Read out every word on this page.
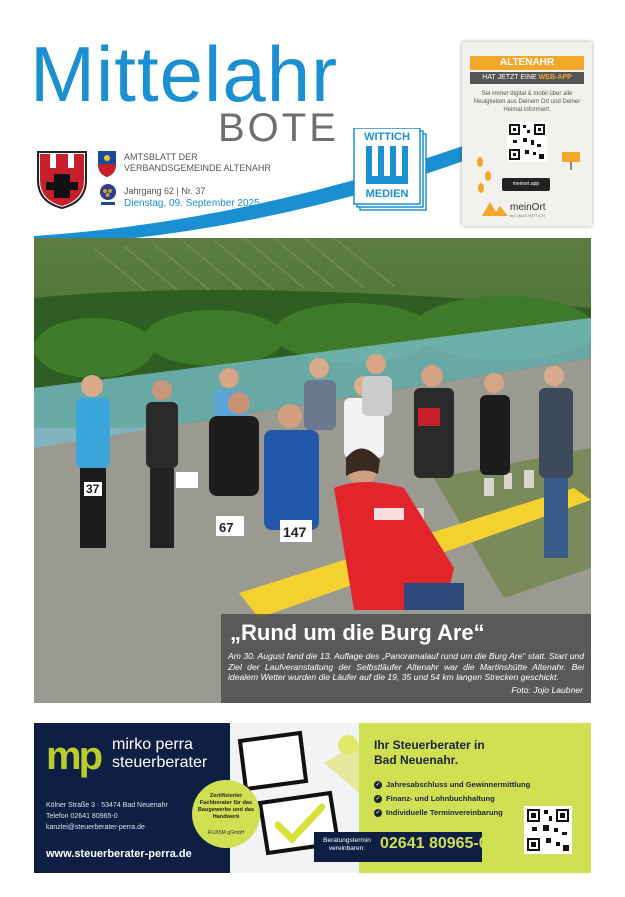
Mittelahr
BOTE
AMTSBLATT DER
VERBANDSGEMEINDE ALTENAHR
Jahrgang 62 | Nr. 37
Dienstag, 09. September 2025
WITTICH
MEDIEN
ALTENAHR
HAT JETZT EINE WEB-APP
Sei immer digital & mobil über alle Neuigkeiten aus Deinem Ort und Deiner Heimat informiert.
meinort.app
meinOrt
by LINUS WITTICH
37
67	147
„Rund um die Burg Are“
Am 30. August fand die 13. Auflage des „Panoramalauf rund um die Burg Are“ statt. Start und Ziel der Laufveranstaltung der Selbstläufer Altenahr war die Martinshütte Altenahr. Bei idealem Wetter wurden die Läufer auf die 19, 35 und 54 km langen Strecken geschickt.
Foto: Jojo Laubner
mp mirko perra
steuerberater
Kölner Straße 3 · 53474 Bad Neuenahr
Telefon 02641 80965-0
kanzlei@steuerberater-perra.de
www.steuerberater-perra.de
Zertifizierter Fachberater für das Baugewerbe und das Handwerk
IFU/ISM gGmbH
Ihr Steuerberater in
Bad Neuenahr.
✓ Jahresabschluss und Gewinnermittlung
✓ Finanz- und Lohnbuchhaltung
✓ Individuelle Terminvereinbarung
Beratungstermin
vereinbaren: 02641 80965-0
